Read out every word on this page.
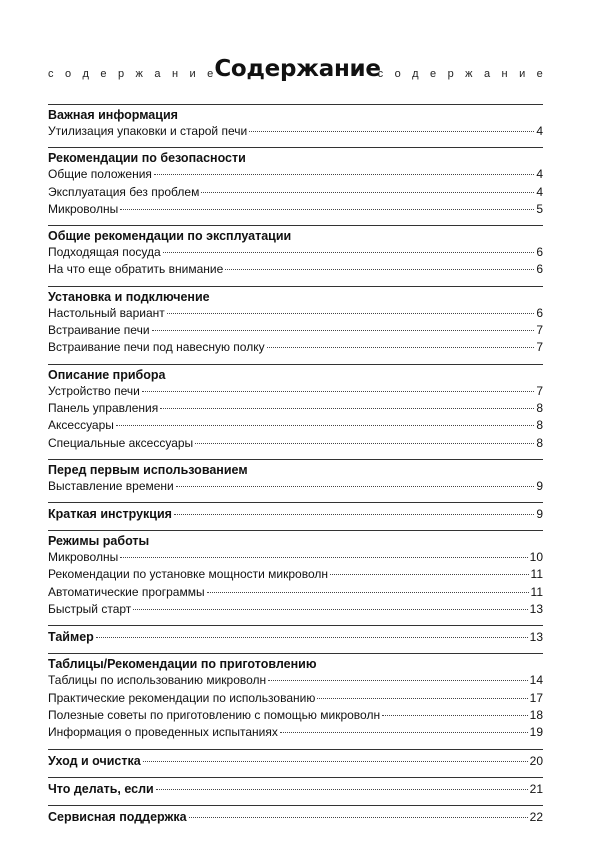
с о д е р ж а н и е
Содержание
с о д е р ж а н и е
Важная информация
Утилизация упаковки и старой печи	4
Рекомендации по безопасности
Общие положения	4
Эксплуатация без проблем	4
Микроволны	5
Общие рекомендации по эксплуатации
Подходящая посуда	6
На что еще обратить внимание	6
Установка и подключение
Настольный вариант	6
Встраивание печи	7
Встраивание печи под навесную полку	7
Описание прибора
Устройство печи	7
Панель управления	8
Аксессуары	8
Специальные аксессуары	8
Перед первым использованием
Выставление времени	9
Краткая инструкция	9
Режимы работы
Микроволны	10
Рекомендации по установке мощности микроволн	11
Автоматические программы	11
Быстрый старт	13
Таймер	13
Таблицы/Рекомендации по приготовлению
Таблицы по использованию микроволн	14
Практические рекомендации по использованию	17
Полезные советы по приготовлению с помощью микроволн	18
Информация о проведенных испытаниях	19
Уход и очистка	20
Что делать, если	21
Сервисная поддержка	22
